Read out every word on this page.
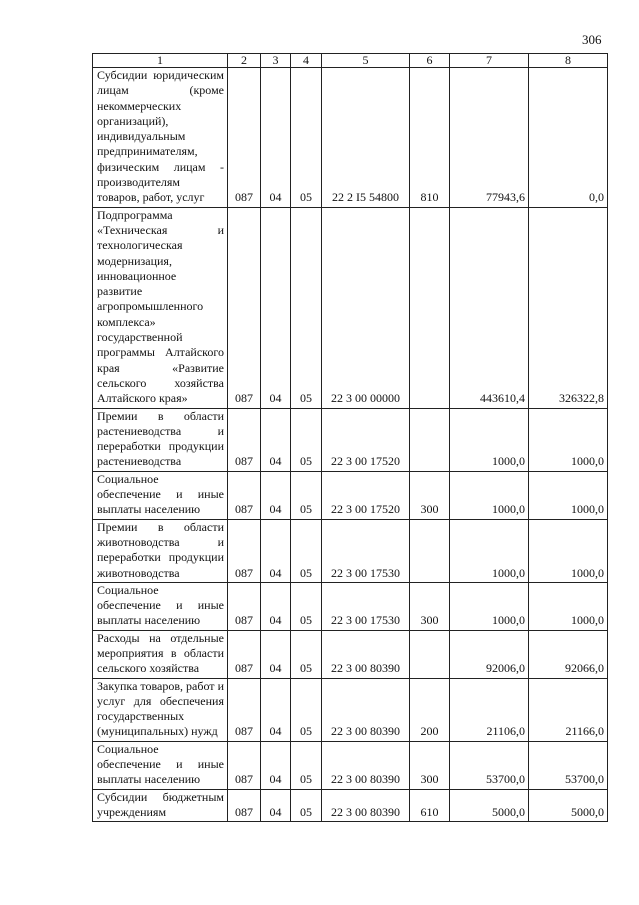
306
1	2	3	4	5	6	7	8
Субсидии юридическим лицам (кроме некоммерческих организаций), индивидуальным предпринимателям, физическим лицам - производителям товаров, работ, услуг	087	04	05	22 2 I5 54800	810	77943,6	0,0
Подпрограмма «Техническая и технологическая модернизация, инновационное развитие агропромышленного комплекса» государственной программы Алтайского края «Развитие сельского хозяйства Алтайского края»	087	04	05	22 3 00 00000		443610,4	326322,8
Премии в области растениеводства и переработки продукции растениеводства	087	04	05	22 3 00 17520		1000,0	1000,0
Социальное обеспечение и иные выплаты населению	087	04	05	22 3 00 17520	300	1000,0	1000,0
Премии в области животноводства и переработки продукции животноводства	087	04	05	22 3 00 17530		1000,0	1000,0
Социальное обеспечение и иные выплаты населению	087	04	05	22 3 00 17530	300	1000,0	1000,0
Расходы на отдельные мероприятия в области сельского хозяйства	087	04	05	22 3 00 80390		92006,0	92066,0
Закупка товаров, работ и услуг для обеспечения государственных (муниципальных) нужд	087	04	05	22 3 00 80390	200	21106,0	21166,0
Социальное обеспечение и иные выплаты населению	087	04	05	22 3 00 80390	300	53700,0	53700,0
Субсидии бюджетным учреждениям	087	04	05	22 3 00 80390	610	5000,0	5000,0
